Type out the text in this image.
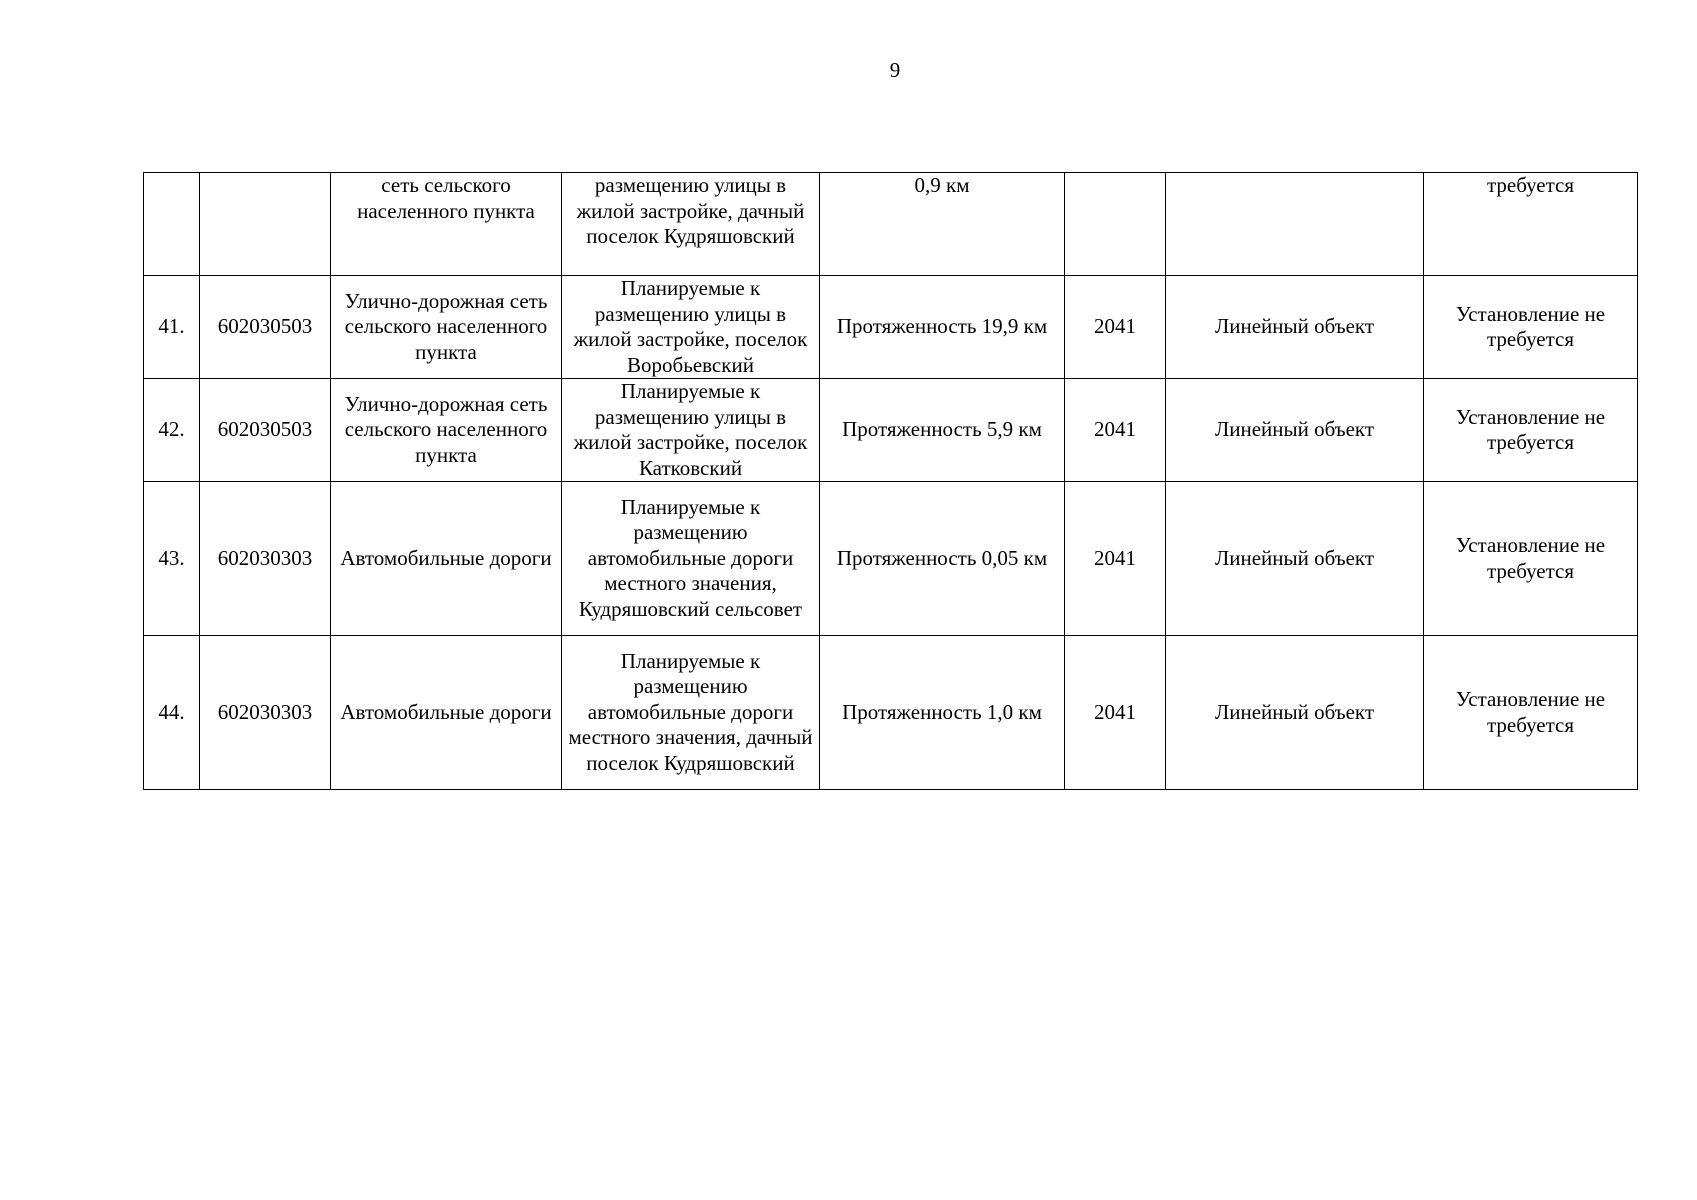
9
		сеть сельского населенного пункта	размещению улицы в жилой застройке, дачный поселок Кудряшовский	0,9 км			требуется
41.	602030503	Улично-дорожная сеть сельского населенного пункта	Планируемые к размещению улицы в жилой застройке, поселок Воробьевский	Протяженность 19,9 км	2041	Линейный объект	Установление не требуется
42.	602030503	Улично-дорожная сеть сельского населенного пункта	Планируемые к размещению улицы в жилой застройке, поселок Катковский	Протяженность 5,9 км	2041	Линейный объект	Установление не требуется
43.	602030303	Автомобильные дороги	Планируемые к размещению автомобильные дороги местного значения, Кудряшовский сельсовет	Протяженность 0,05 км	2041	Линейный объект	Установление не требуется
44.	602030303	Автомобильные дороги	Планируемые к размещению автомобильные дороги местного значения, дачный поселок Кудряшовский	Протяженность 1,0 км	2041	Линейный объект	Установление не требуется
